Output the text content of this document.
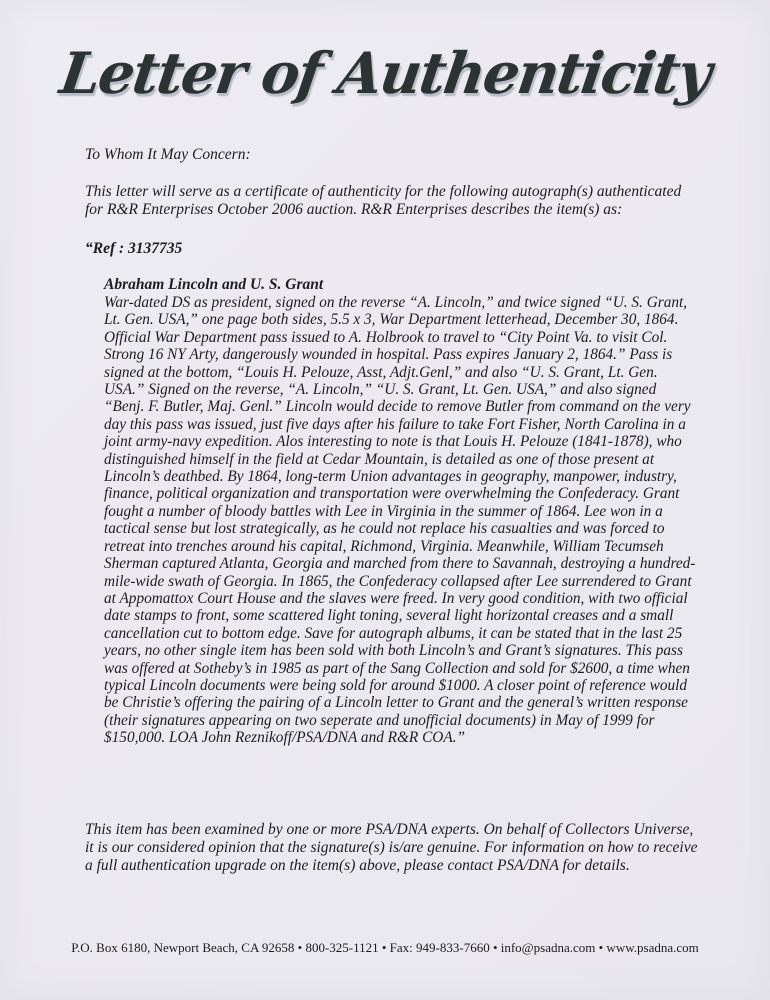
Letter of Authenticity
To Whom It May Concern:
This letter will serve as a certificate of authenticity for the following autograph(s) authenticated for R&R Enterprises October 2006 auction. R&R Enterprises describes the item(s) as:
“Ref : 3137735
Abraham Lincoln and U. S. Grant
War-dated DS as president, signed on the reverse “A. Lincoln,” and twice signed “U. S. Grant, Lt. Gen. USA,” one page both sides, 5.5 x 3, War Department letterhead, December 30, 1864. Official War Department pass issued to A. Holbrook to travel to “City Point Va. to visit Col. Strong 16 NY Arty, dangerously wounded in hospital. Pass expires January 2, 1864.” Pass is signed at the bottom, “Louis H. Pelouze, Asst, Adjt.Genl,” and also “U. S. Grant, Lt. Gen. USA.” Signed on the reverse, “A. Lincoln,” “U. S. Grant, Lt. Gen. USA,” and also signed “Benj. F. Butler, Maj. Genl.” Lincoln would decide to remove Butler from command on the very day this pass was issued, just five days after his failure to take Fort Fisher, North Carolina in a joint army-navy expedition. Alos interesting to note is that Louis H. Pelouze (1841-1878), who distinguished himself in the field at Cedar Mountain, is detailed as one of those present at Lincoln’s deathbed. By 1864, long-term Union advantages in geography, manpower, industry, finance, political organization and transportation were overwhelming the Confederacy. Grant fought a number of bloody battles with Lee in Virginia in the summer of 1864. Lee won in a tactical sense but lost strategically, as he could not replace his casualties and was forced to retreat into trenches around his capital, Richmond, Virginia. Meanwhile, William Tecumseh Sherman captured Atlanta, Georgia and marched from there to Savannah, destroying a hundred-mile-wide swath of Georgia. In 1865, the Confederacy collapsed after Lee surrendered to Grant at Appomattox Court House and the slaves were freed. In very good condition, with two official date stamps to front, some scattered light toning, several light horizontal creases and a small cancellation cut to bottom edge. Save for autograph albums, it can be stated that in the last 25 years, no other single item has been sold with both Lincoln’s and Grant’s signatures. This pass was offered at Sotheby’s in 1985 as part of the Sang Collection and sold for $2600, a time when typical Lincoln documents were being sold for around $1000. A closer point of reference would be Christie’s offering the pairing of a Lincoln letter to Grant and the general’s written response (their signatures appearing on two seperate and unofficial documents) in May of 1999 for $150,000. LOA John Reznikoff/PSA/DNA and R&R COA.”
This item has been examined by one or more PSA/DNA experts. On behalf of Collectors Universe, it is our considered opinion that the signature(s) is/are genuine. For information on how to receive a full authentication upgrade on the item(s) above, please contact PSA/DNA for details.
P.O. Box 6180, Newport Beach, CA 92658 • 800-325-1121 • Fax: 949-833-7660 • info@psadna.com • www.psadna.com
